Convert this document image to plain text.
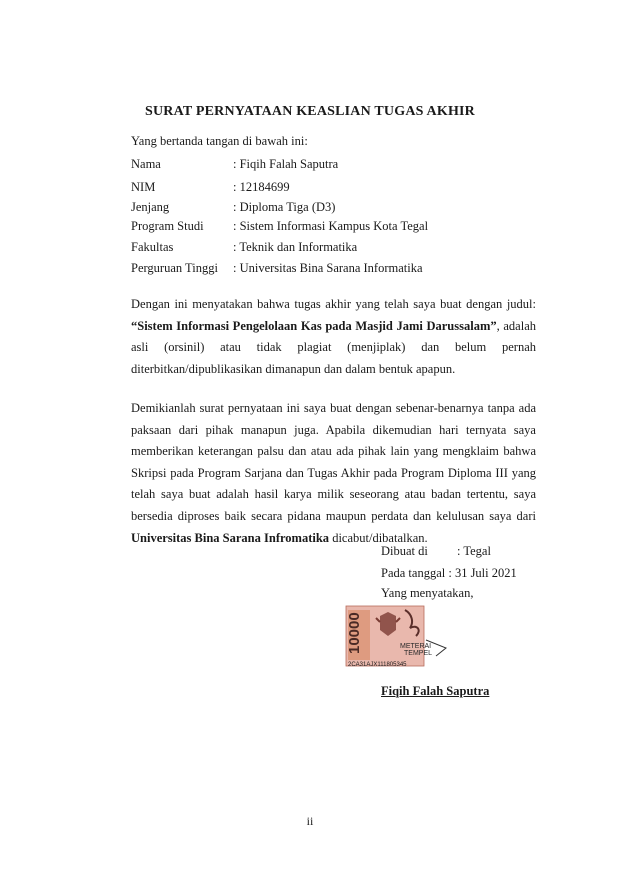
SURAT PERNYATAAN KEASLIAN TUGAS AKHIR
Yang bertanda tangan di bawah ini:
Nama	: Fiqih Falah Saputra
NIM	: 12184699
Jenjang	: Diploma Tiga (D3)
Program Studi	: Sistem Informasi Kampus Kota Tegal
Fakultas	: Teknik dan Informatika
Perguruan Tinggi	: Universitas Bina Sarana Informatika
Dengan ini menyatakan bahwa tugas akhir yang telah saya buat dengan judul: “Sistem Informasi Pengelolaan Kas pada Masjid Jami Darussalam”, adalah asli (orsinil) atau tidak plagiat (menjiplak) dan belum pernah diterbitkan/dipublikasikan dimanapun dan dalam bentuk apapun.
Demikianlah surat pernyataan ini saya buat dengan sebenar-benarnya tanpa ada paksaan dari pihak manapun juga. Apabila dikemudian hari ternyata saya memberikan keterangan palsu dan atau ada pihak lain yang mengklaim bahwa Skripsi pada Program Sarjana dan Tugas Akhir pada Program Diploma III yang telah saya buat adalah hasil karya milik seseorang atau badan tertentu, saya bersedia diproses baik secara pidana maupun perdata dan kelulusan saya dari Universitas Bina Sarana Infromatika dicabut/dibatalkan.
Dibuat di : Tegal
Pada tanggal : 31 Juli 2021
Yang menyatakan,
10000	METERAI
TEMPEL
2CA31AJX111805345
Fiqih Falah Saputra
ii
